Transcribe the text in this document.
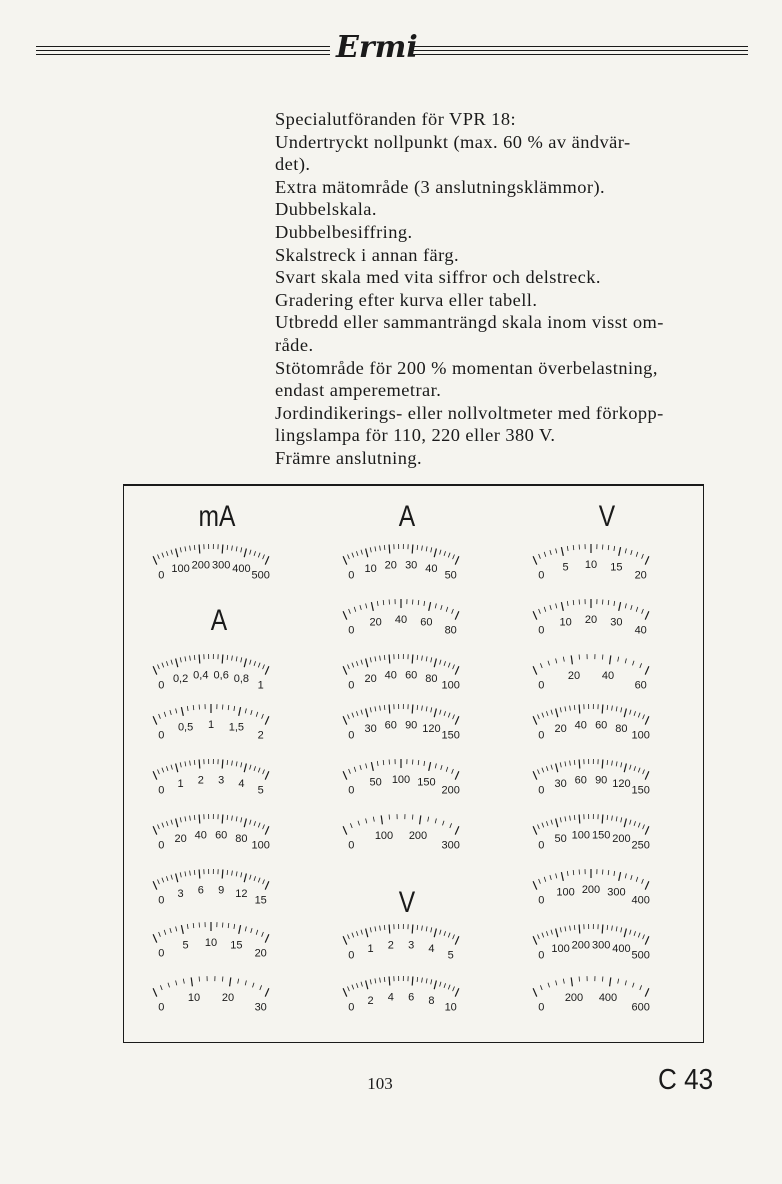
Ermi

Specialutföranden för VPR 18:

Undertryckt nollpunkt (max. 60 % av ändvär-

det).

Extra mätområde (3 anslutningsklämmor).

Dubbelskala.

Dubbelbesiffring.

Skalstreck i annan färg.

Svart skala med vita siffror och delstreck.

Gradering efter kurva eller tabell.

Utbredd eller sammanträngd skala inom visst om-

råde.

Stötområde för 200 % momentan överbelastning,

endast amperemetrar.

Jordindikerings- eller nollvoltmeter med förkopp-

lingslampa för 110, 220 eller 380 V.

Främre anslutning.

mA	A	V
A
V
0
100 200 300 400
500
0
0,2 0,4 0,6 0,8
1
0
0,5 1 1,5
2
0
1 2 3 4
5
0
20 40 60 80
100
0
3 6 9 12
15
0
5 10 15
20
0
10 20
30
0
10 20 30 40
50
0
20 40 60
80
0
20 40 60 80
100
0
30 60 90 120
150
0
50 100 150
200
0
100 200
300
0
1 2 3 4
5
0
2 4 6 8
10
0
5 10 15
20
0
10 20 30
40
0
20 40
60
0
20 40 60 80
100
0
30 60 90 120
150
0
50 100 150 200
250
0
100 200 300
400
0
100 200 300 400
500
0
200 400
600
103	C 43
